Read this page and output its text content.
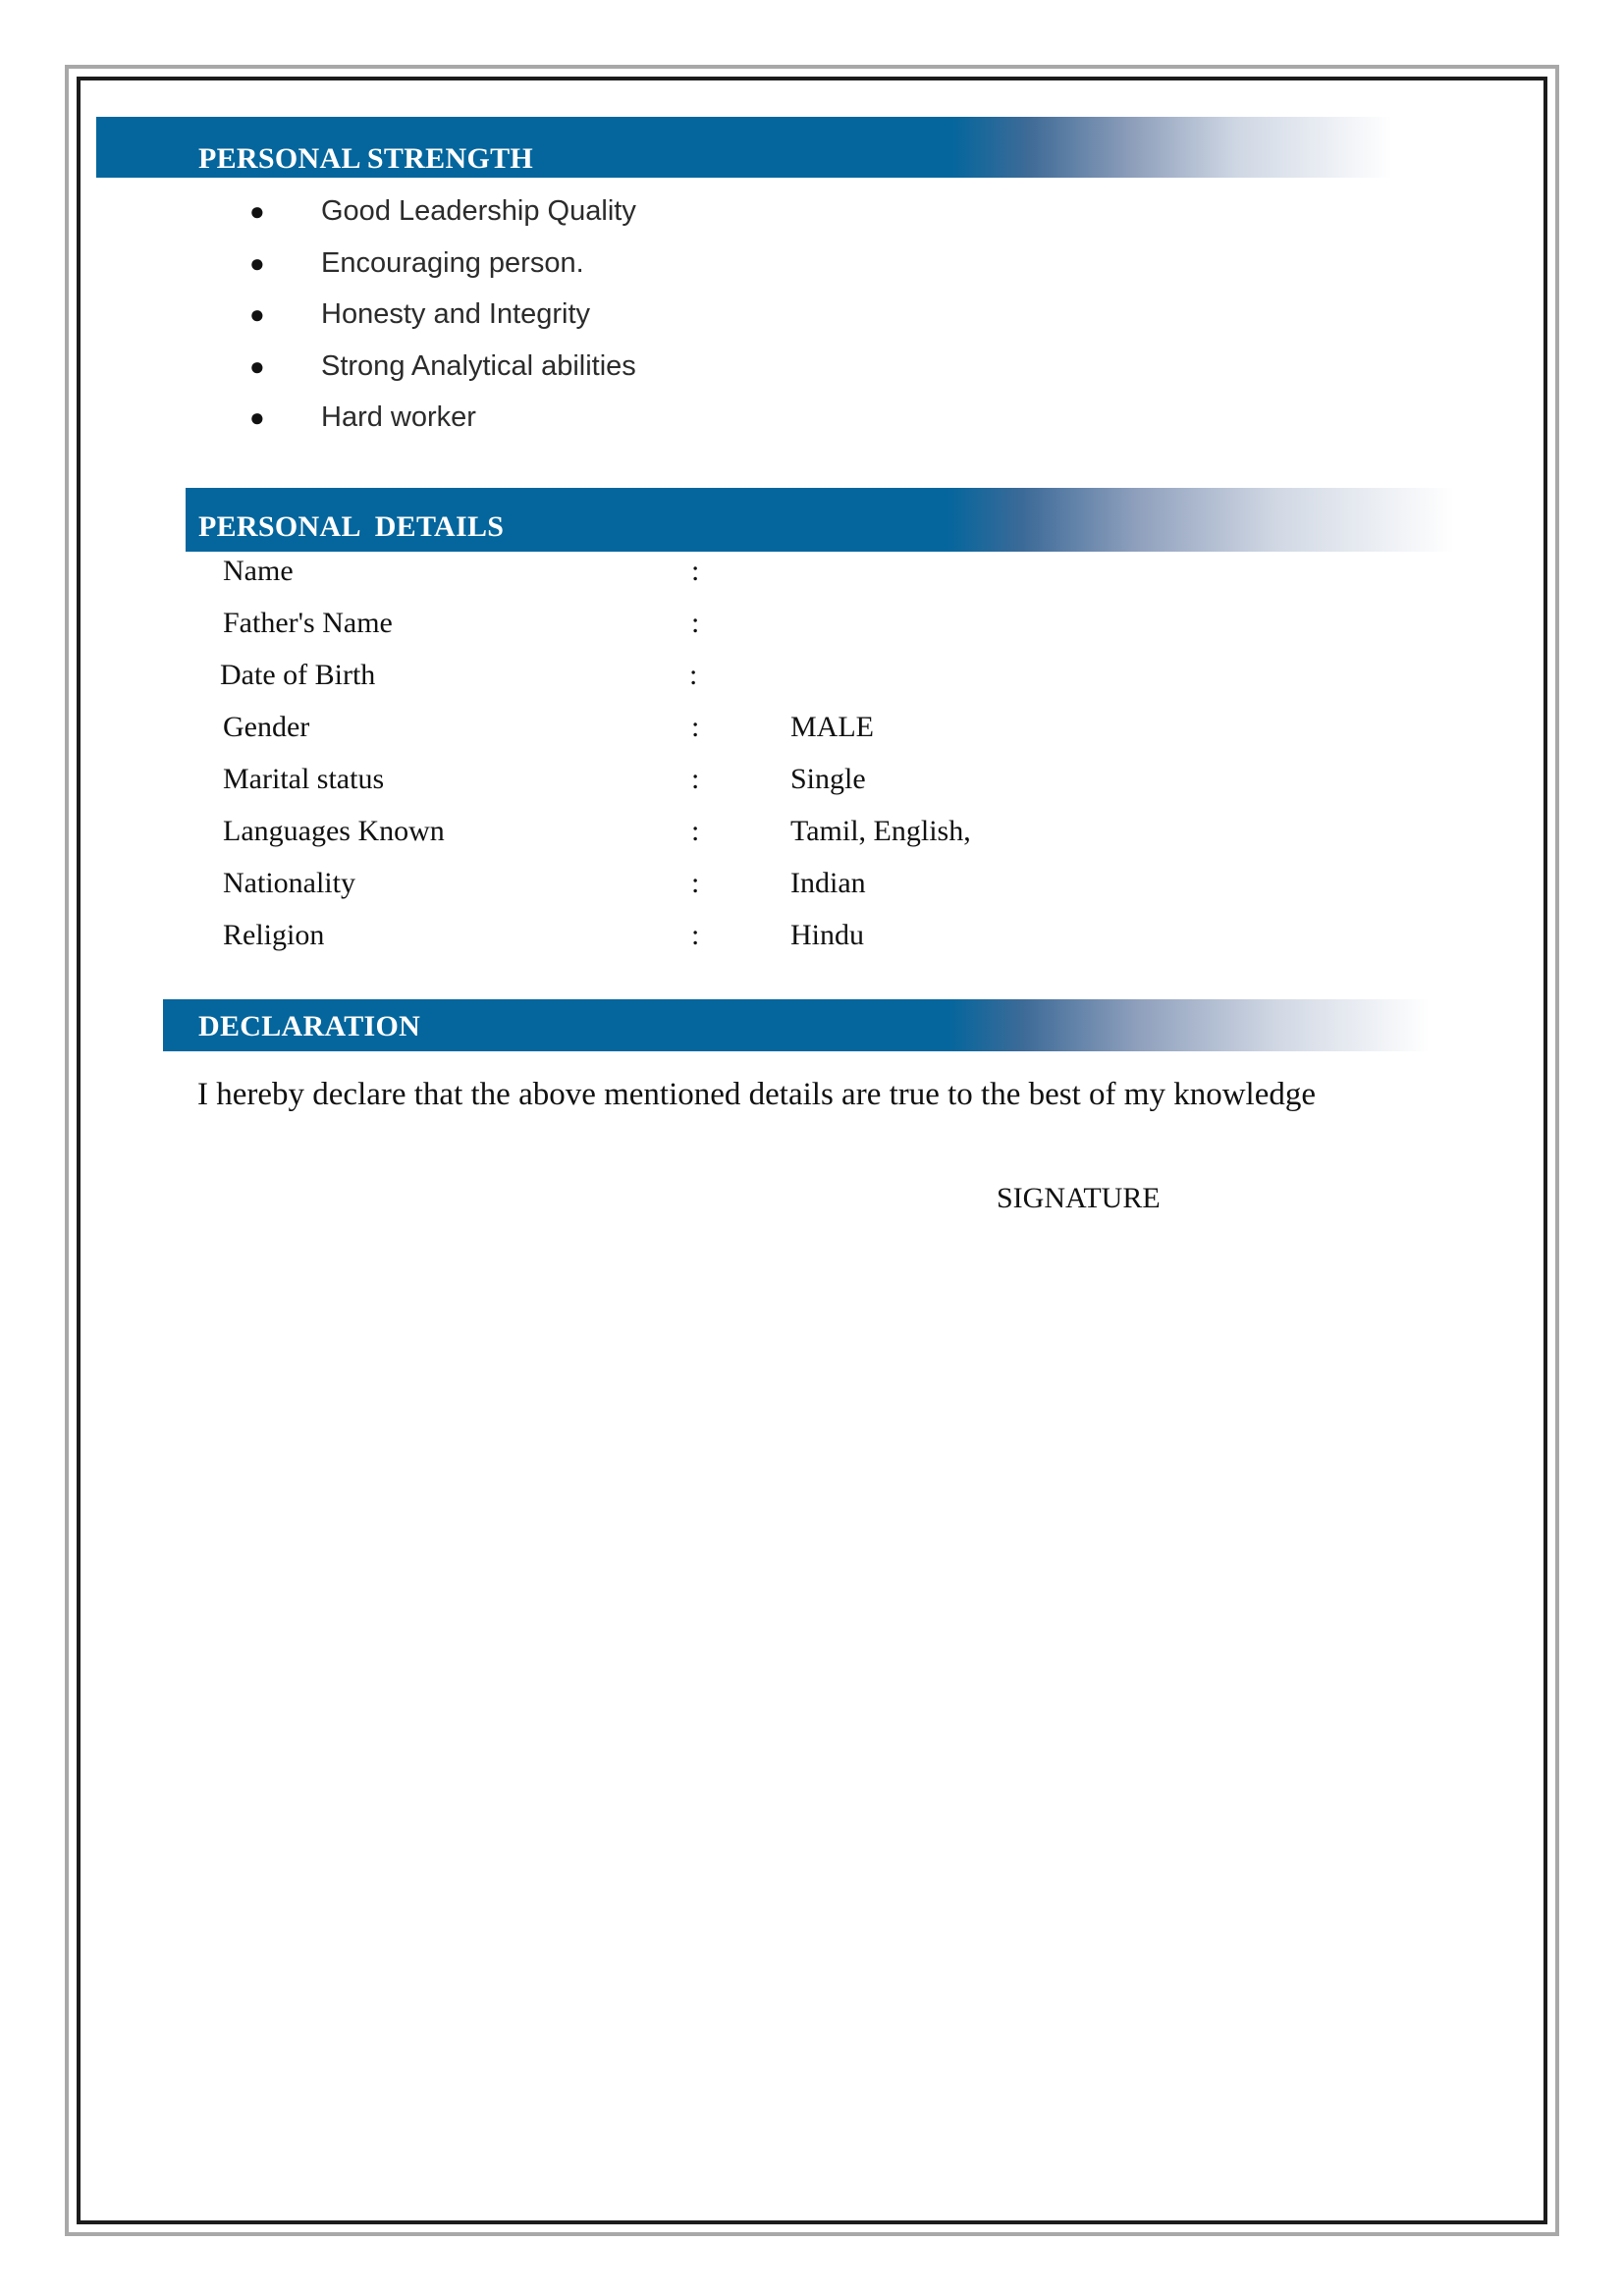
PERSONAL STRENGTH
● Good Leadership Quality
● Encouraging person.
● Honesty and Integrity
● Strong Analytical abilities
● Hard worker
PERSONAL  DETAILS
Name	:
Father's Name	:
Date of Birth	:
Gender	:	MALE
Marital status	:	Single
Languages Known	:	Tamil, English,
Nationality	:	Indian
Religion	:	Hindu
DECLARATION
I hereby declare that the above mentioned details are true to the best of my knowledge
SIGNATURE
